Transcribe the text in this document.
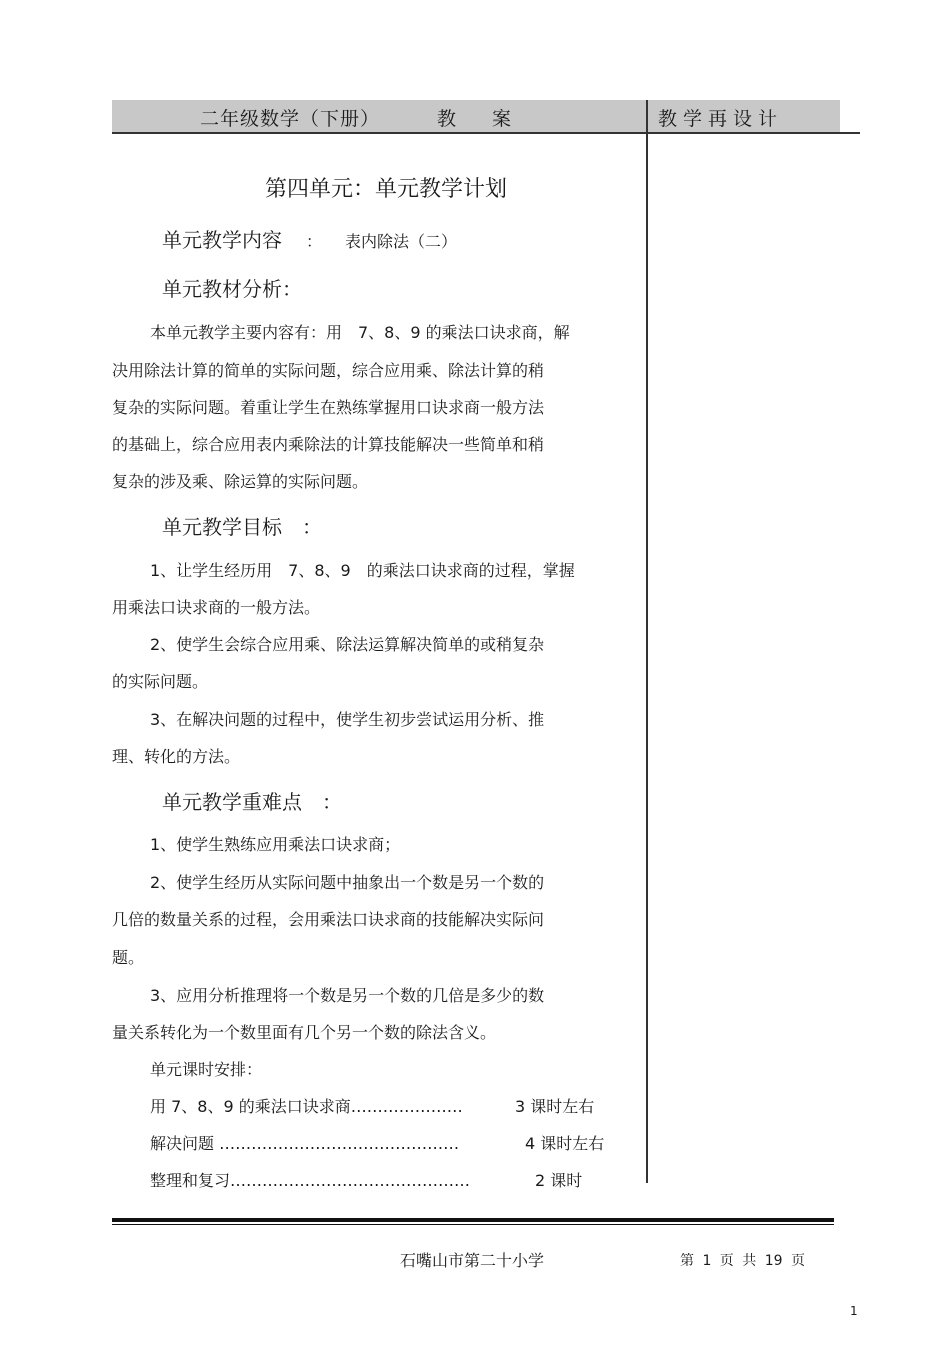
二年级数学（下册）	教 案	教学再设计
第四单元：单元教学计划
单元教学内容 ： 表内除法（二）
单元教材分析：
本单元教学主要内容有：用　7、8、9 的乘法口诀求商，解
决用除法计算的简单的实际问题，综合应用乘、除法计算的稍
复杂的实际问题。着重让学生在熟练掌握用口诀求商一般方法
的基础上，综合应用表内乘除法的计算技能解决一些简单和稍
复杂的涉及乘、除运算的实际问题。
单元教学目标　：
1、让学生经历用　7、8、9　的乘法口诀求商的过程，掌握
用乘法口诀求商的一般方法。
2、使学生会综合应用乘、除法运算解决简单的或稍复杂
的实际问题。
3、在解决问题的过程中，使学生初步尝试运用分析、推
理、转化的方法。
单元教学重难点　：
1、使学生熟练应用乘法口诀求商；
2、使学生经历从实际问题中抽象出一个数是另一个数的
几倍的数量关系的过程，会用乘法口诀求商的技能解决实际问
题。
3、应用分析推理将一个数是另一个数的几倍是多少的数
量关系转化为一个数里面有几个另一个数的除法含义。
单元课时安排：
用 7、8、9 的乘法口诀求商…………………	3 课时左右
解决问题 ………………………………………	4 课时左右
整理和复习………………………………………	2 课时
石嘴山市第二十小学	第 1 页 共 19 页
1
